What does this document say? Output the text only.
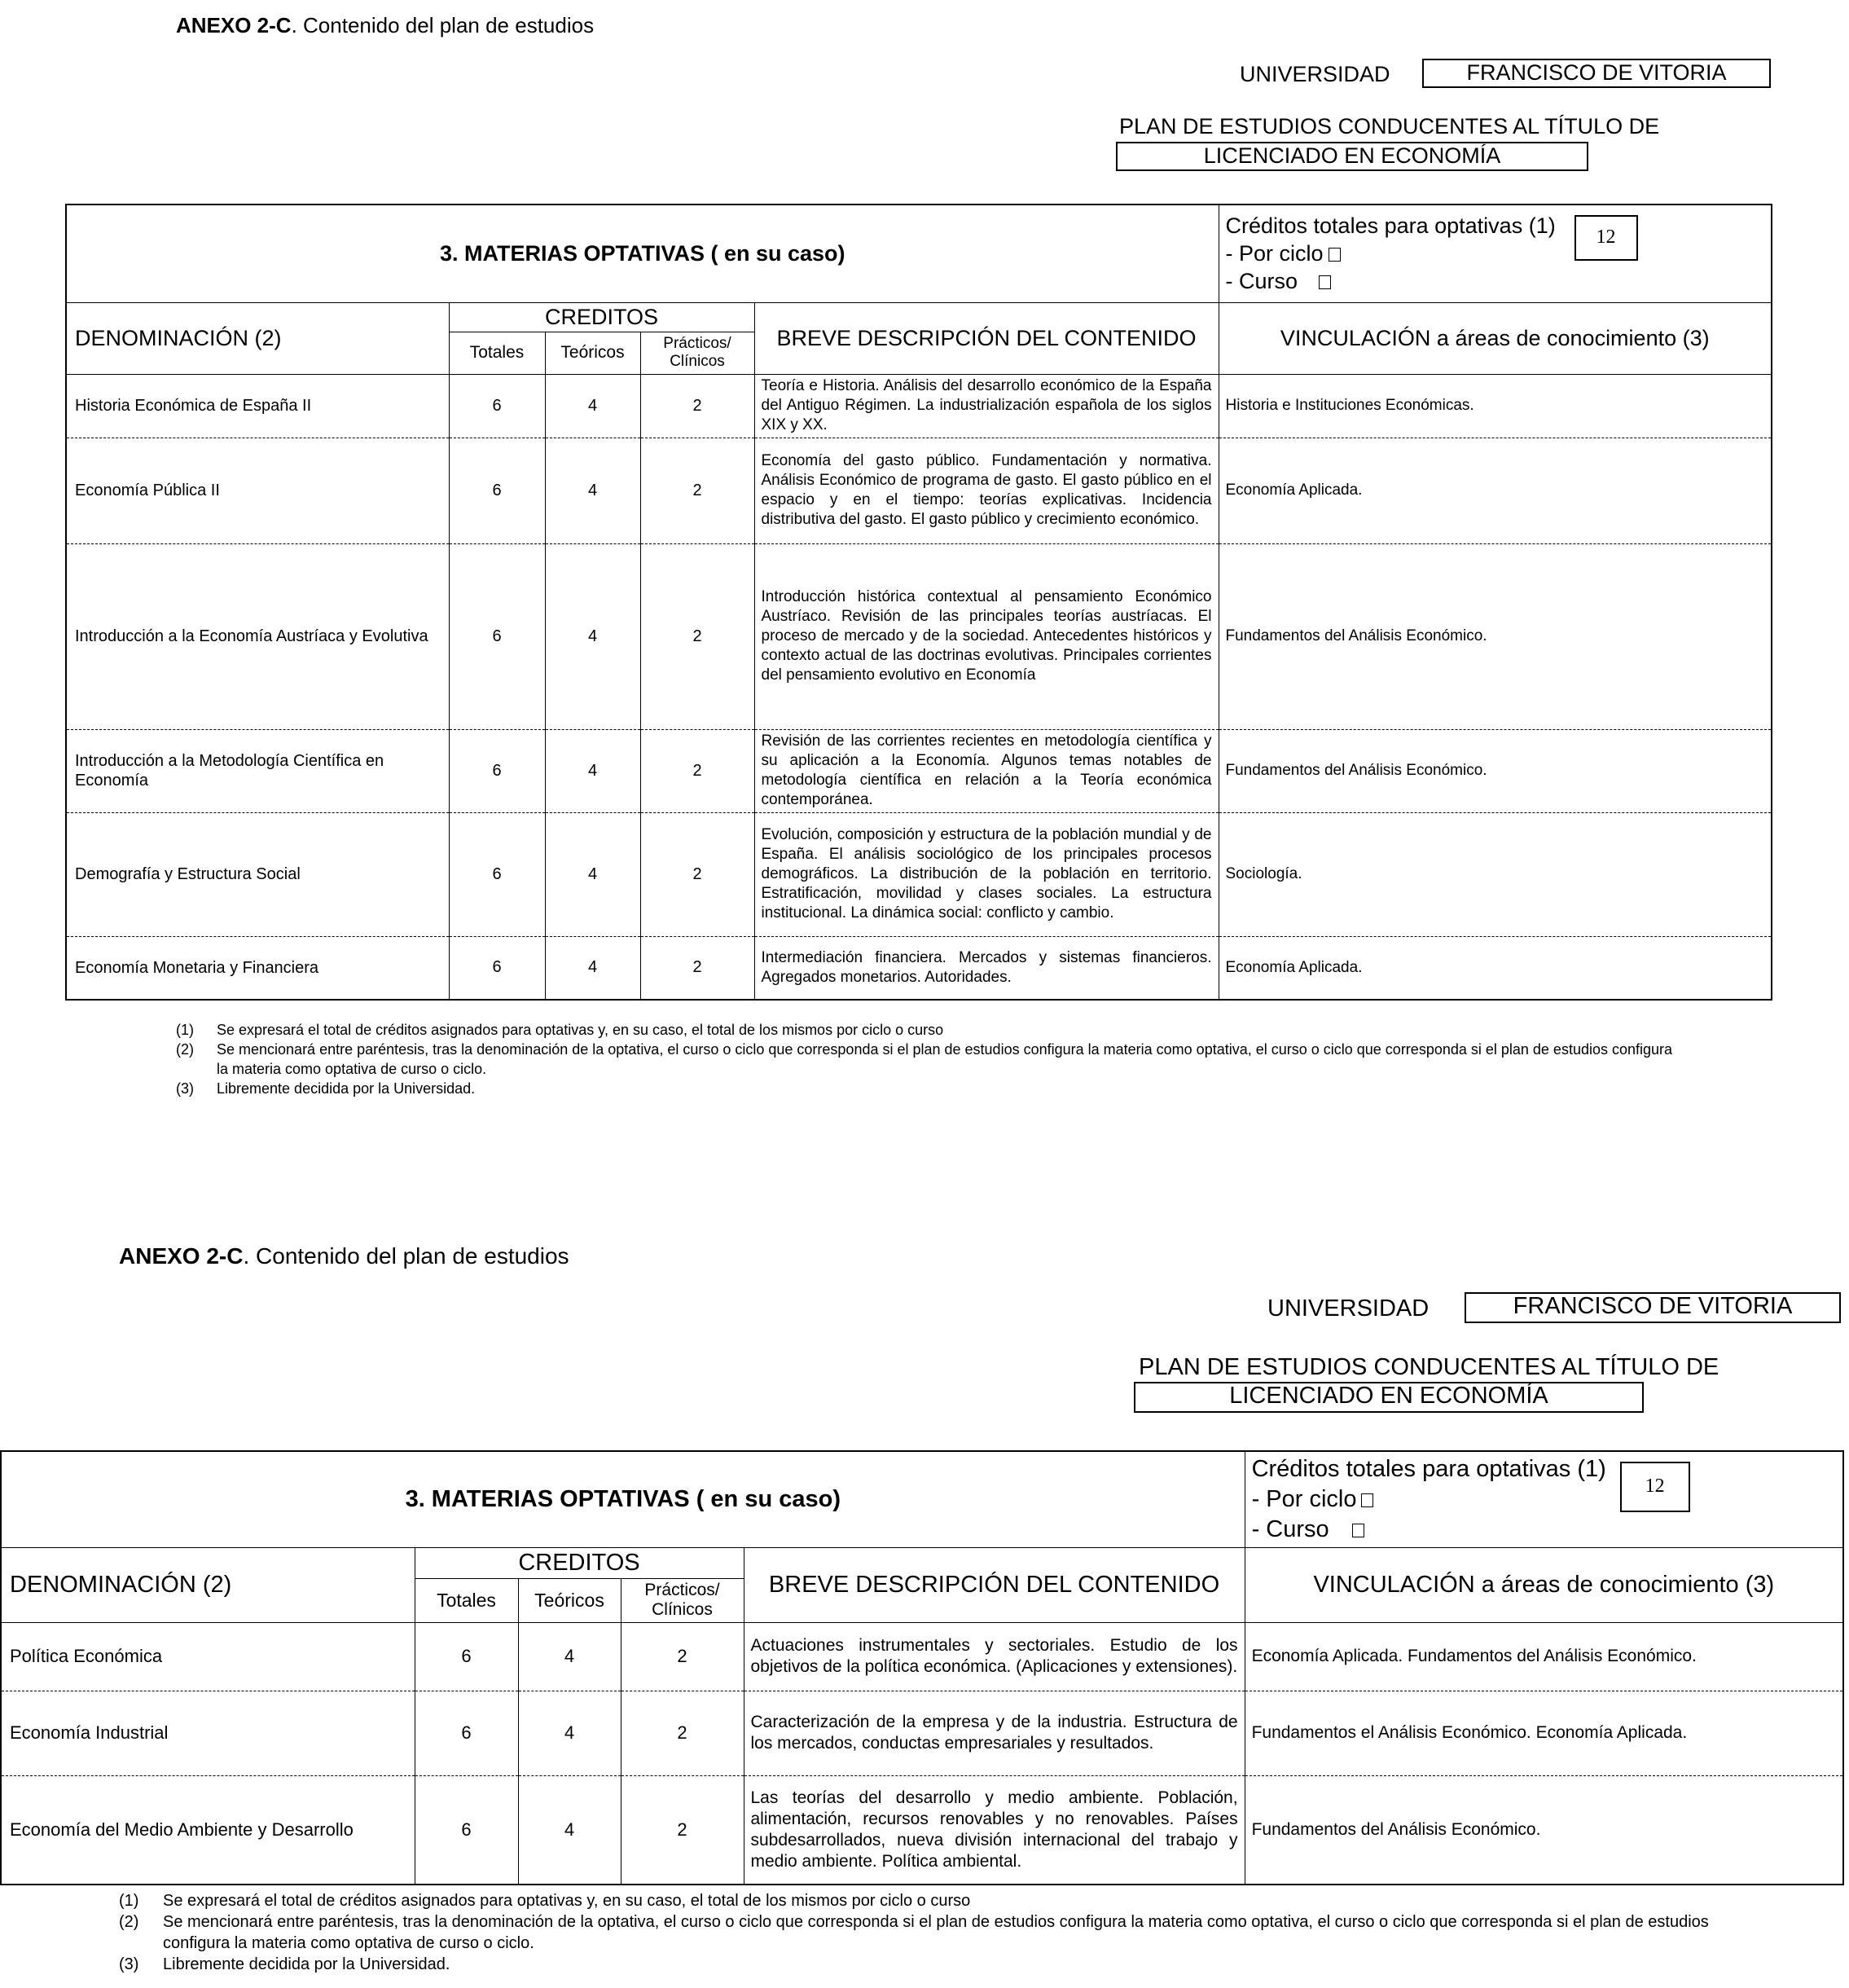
ANEXO 2-C. Contenido del plan de estudios
UNIVERSIDAD	FRANCISCO DE VITORIA
PLAN DE ESTUDIOS CONDUCENTES AL TÍTULO DE
LICENCIADO EN ECONOMÍA
3. MATERIAS OPTATIVAS ( en su caso)					Créditos totales para optativas (1)
- Por ciclo
- Curso
12

DENOMINACIÓN (2)	CREDITOS			BREVE DESCRIPCIÓN DEL CONTENIDO	VINCULACIÓN a áreas de conocimiento (3)
	Totales	Teóricos	Prácticos/ Clínicos		
Historia Económica de España II	6	4	2	Teoría e Historia. Análisis del desarrollo económico de la España del Antiguo Régimen. La industrialización española de los siglos XIX y XX.	Historia e Instituciones Económicas.
Economía Pública II	6	4	2	Economía del gasto público. Fundamentación y normativa. Análisis Económico de programa de gasto. El gasto público en el espacio y en el tiempo: teorías explicativas. Incidencia distributiva del gasto. El gasto público y crecimiento económico.	Economía Aplicada.
Introducción a la Economía Austríaca y Evolutiva	6	4	2	Introducción histórica contextual al pensamiento Económico Austríaco. Revisión de las principales teorías austríacas. El proceso de mercado y de la sociedad. Antecedentes históricos y contexto actual de las doctrinas evolutivas. Principales corrientes del pensamiento evolutivo en Economía	Fundamentos del Análisis Económico.
Introducción a la Metodología Científica en Economía	6	4	2	Revisión de las corrientes recientes en metodología científica y su aplicación a la Economía. Algunos temas notables de metodología científica en relación a la Teoría económica contemporánea.	Fundamentos del Análisis Económico.
Demografía y Estructura Social	6	4	2	Evolución, composición y estructura de la población mundial y de España. El análisis sociológico de los principales procesos demográficos. La distribución de la población en territorio. Estratificación, movilidad y clases sociales. La estructura institucional. La dinámica social: conflicto y cambio.	Sociología.
Economía Monetaria y Financiera	6	4	2	Intermediación financiera. Mercados y sistemas financieros. Agregados monetarios. Autoridades.	Economía Aplicada.
(1)	Se expresará el total de créditos asignados para optativas y, en su caso, el total de los mismos por ciclo o curso
(2)	Se mencionará entre paréntesis, tras la denominación de la optativa, el curso o ciclo que corresponda si el plan de estudios configura la materia como optativa, el curso o ciclo que corresponda si el plan de estudios configura la materia como optativa de curso o ciclo.
(3)	Libremente decidida por la Universidad.
ANEXO 2-C. Contenido del plan de estudios
UNIVERSIDAD	FRANCISCO DE VITORIA
PLAN DE ESTUDIOS CONDUCENTES AL TÍTULO DE
LICENCIADO EN ECONOMÍA
3. MATERIAS OPTATIVAS ( en su caso)					Créditos totales para optativas (1)
- Por ciclo
- Curso
12

DENOMINACIÓN (2)	CREDITOS			BREVE DESCRIPCIÓN DEL CONTENIDO	VINCULACIÓN a áreas de conocimiento (3)
	Totales	Teóricos	Prácticos/ Clínicos		
Política Económica	6	4	2	Actuaciones instrumentales y sectoriales. Estudio de los objetivos de la política económica. (Aplicaciones y extensiones).	Economía Aplicada. Fundamentos del Análisis Económico.
Economía Industrial	6	4	2	Caracterización de la empresa y de la industria. Estructura de los mercados, conductas empresariales y resultados.	Fundamentos el Análisis Económico. Economía Aplicada.
Economía del Medio Ambiente y Desarrollo	6	4	2	Las teorías del desarrollo y medio ambiente. Población, alimentación, recursos renovables y no renovables. Países subdesarrollados, nueva división internacional del trabajo y medio ambiente. Política ambiental.	Fundamentos del Análisis Económico.
(1)	Se expresará el total de créditos asignados para optativas y, en su caso, el total de los mismos por ciclo o curso
(2)	Se mencionará entre paréntesis, tras la denominación de la optativa, el curso o ciclo que corresponda si el plan de estudios configura la materia como optativa, el curso o ciclo que corresponda si el plan de estudios configura la materia como optativa de curso o ciclo.
(3)	Libremente decidida por la Universidad.
